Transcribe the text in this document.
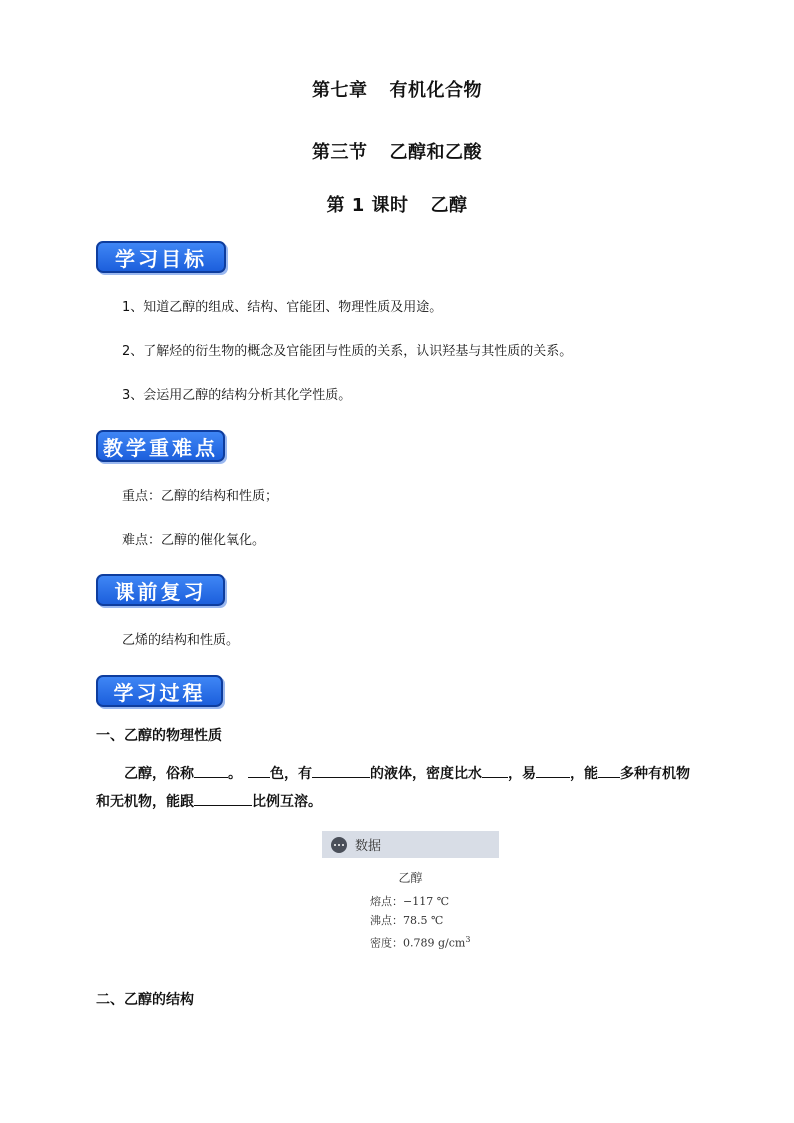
第七章 有机化合物
第三节 乙醇和乙酸
第 1 课时 乙醇
学习目标
1、知道乙醇的组成、结构、官能团、物理性质及用途。
2、了解烃的衍生物的概念及官能团与性质的关系，认识羟基与其性质的关系。
3、会运用乙醇的结构分析其化学性质。
教学重难点
重点：乙醇的结构和性质；
难点：乙醇的催化氧化。
课前复习
乙烯的结构和性质。
学习过程
一、乙醇的物理性质
乙醇，俗称 。 色，有	的液体，密度比水 ，易 ，能 多种有机物和无机物，能跟	比例互溶。
数据
乙醇
熔点：−117 ℃
沸点：78.5 ℃
密度：0.789 $g/cm^3$
二、乙醇的结构
